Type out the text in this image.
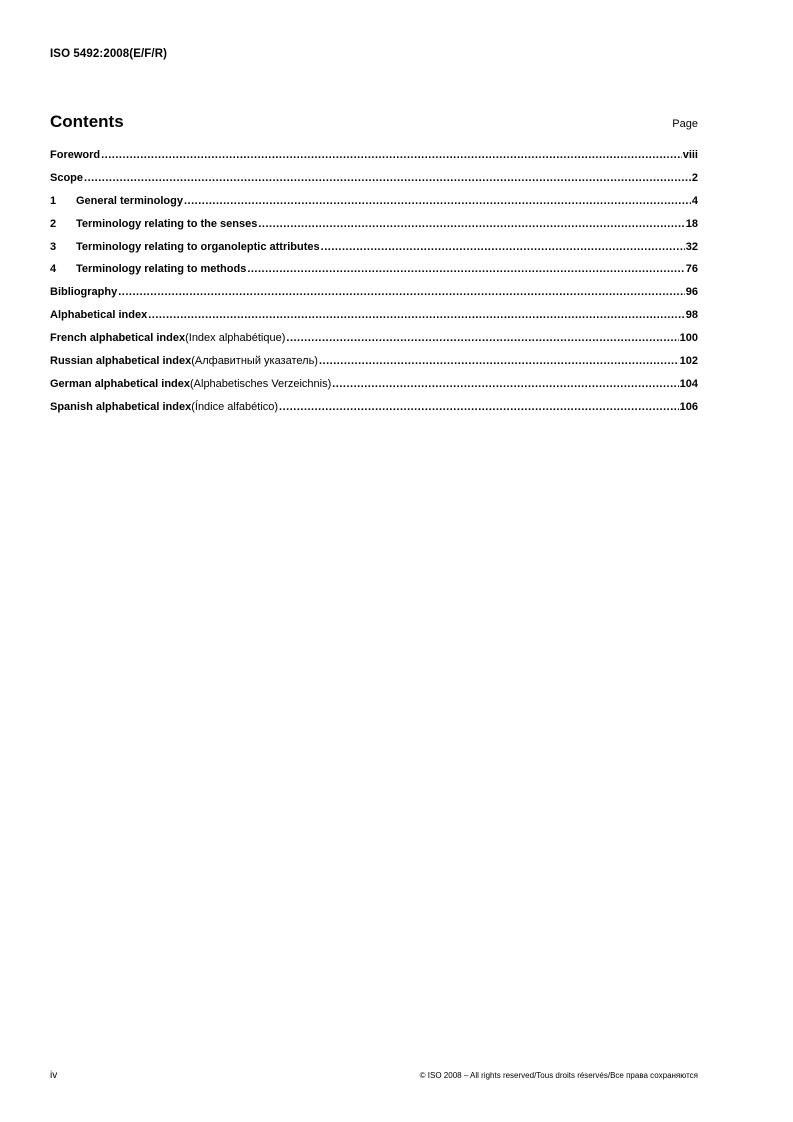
ISO 5492:2008(E/F/R)
Contents	Page
Foreword .....	viii
Scope .....	2
1	General terminology .....	4
2	Terminology relating to the senses .....	18
3	Terminology relating to organoleptic attributes .....	32
4	Terminology relating to methods .....	76
Bibliography .....	96
Alphabetical index .....	98
French alphabetical index (Index alphabétique) .....	100
Russian alphabetical index (Алфавитный указатель) .....	102
German alphabetical index (Alphabetisches Verzeichnis) .....	104
Spanish alphabetical index (Índice alfabético) .....	106
iv	© ISO 2008 – All rights reserved/Tous droits réservés/Все права сохраняются
